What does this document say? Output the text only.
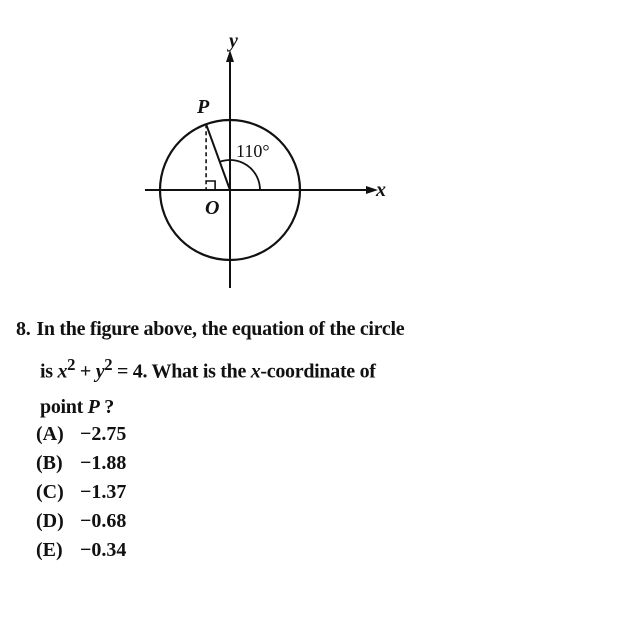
y
x
P
O
110°
8. In the figure above, the equation of the circle
is $x^2 + y^2 = 4$. What is the x-coordinate of
point P ?
(A) −2.75
(B) −1.88
(C) −1.37
(D) −0.68
(E) −0.34
